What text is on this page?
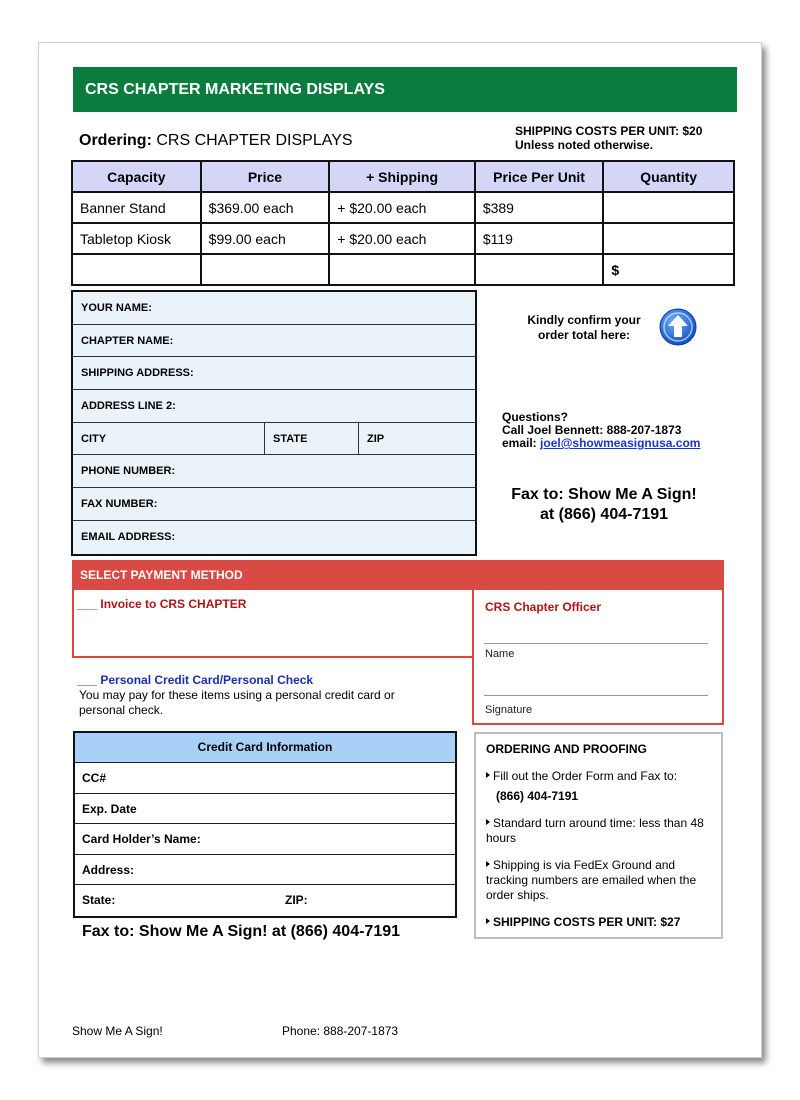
CRS CHAPTER MARKETING DISPLAYS
Ordering: CRS CHAPTER DISPLAYS
SHIPPING COSTS PER UNIT: $20
Unless noted otherwise.
Capacity	Price	+ Shipping	Price Per Unit	Quantity
Banner Stand	$369.00 each	+ $20.00 each	$389	
Tabletop Kiosk	$99.00 each	+ $20.00 each	$119	
				$
YOUR NAME:
CHAPTER NAME:
SHIPPING ADDRESS:
ADDRESS LINE 2:
CITY	STATE	ZIP
PHONE NUMBER:
FAX NUMBER:
EMAIL ADDRESS:
Kindly confirm your
order total here:
Questions?
Call Joel Bennett: 888-207-1873
email: joel@showmeasignusa.com
Fax to: Show Me A Sign!
at (866) 404-7191
SELECT PAYMENT METHOD
___ Invoice to CRS CHAPTER	CRS Chapter Officer
Name
Signature
___ Personal Credit Card/Personal Check
You may pay for these items using a personal credit card or personal check.
Credit Card Information
CC#
Exp. Date
Card Holder’s Name:
Address:
State:	ZIP:
Fax to: Show Me A Sign! at (866) 404-7191
ORDERING AND PROOFING

Fill out the Order Form and Fax to:
(866) 404-7191

Standard turn around time: less than 48 hours

Shipping is via FedEx Ground and tracking numbers are emailed when the order ships.

SHIPPING COSTS PER UNIT: $27

Show Me A Sign!	Phone: 888-207-1873
